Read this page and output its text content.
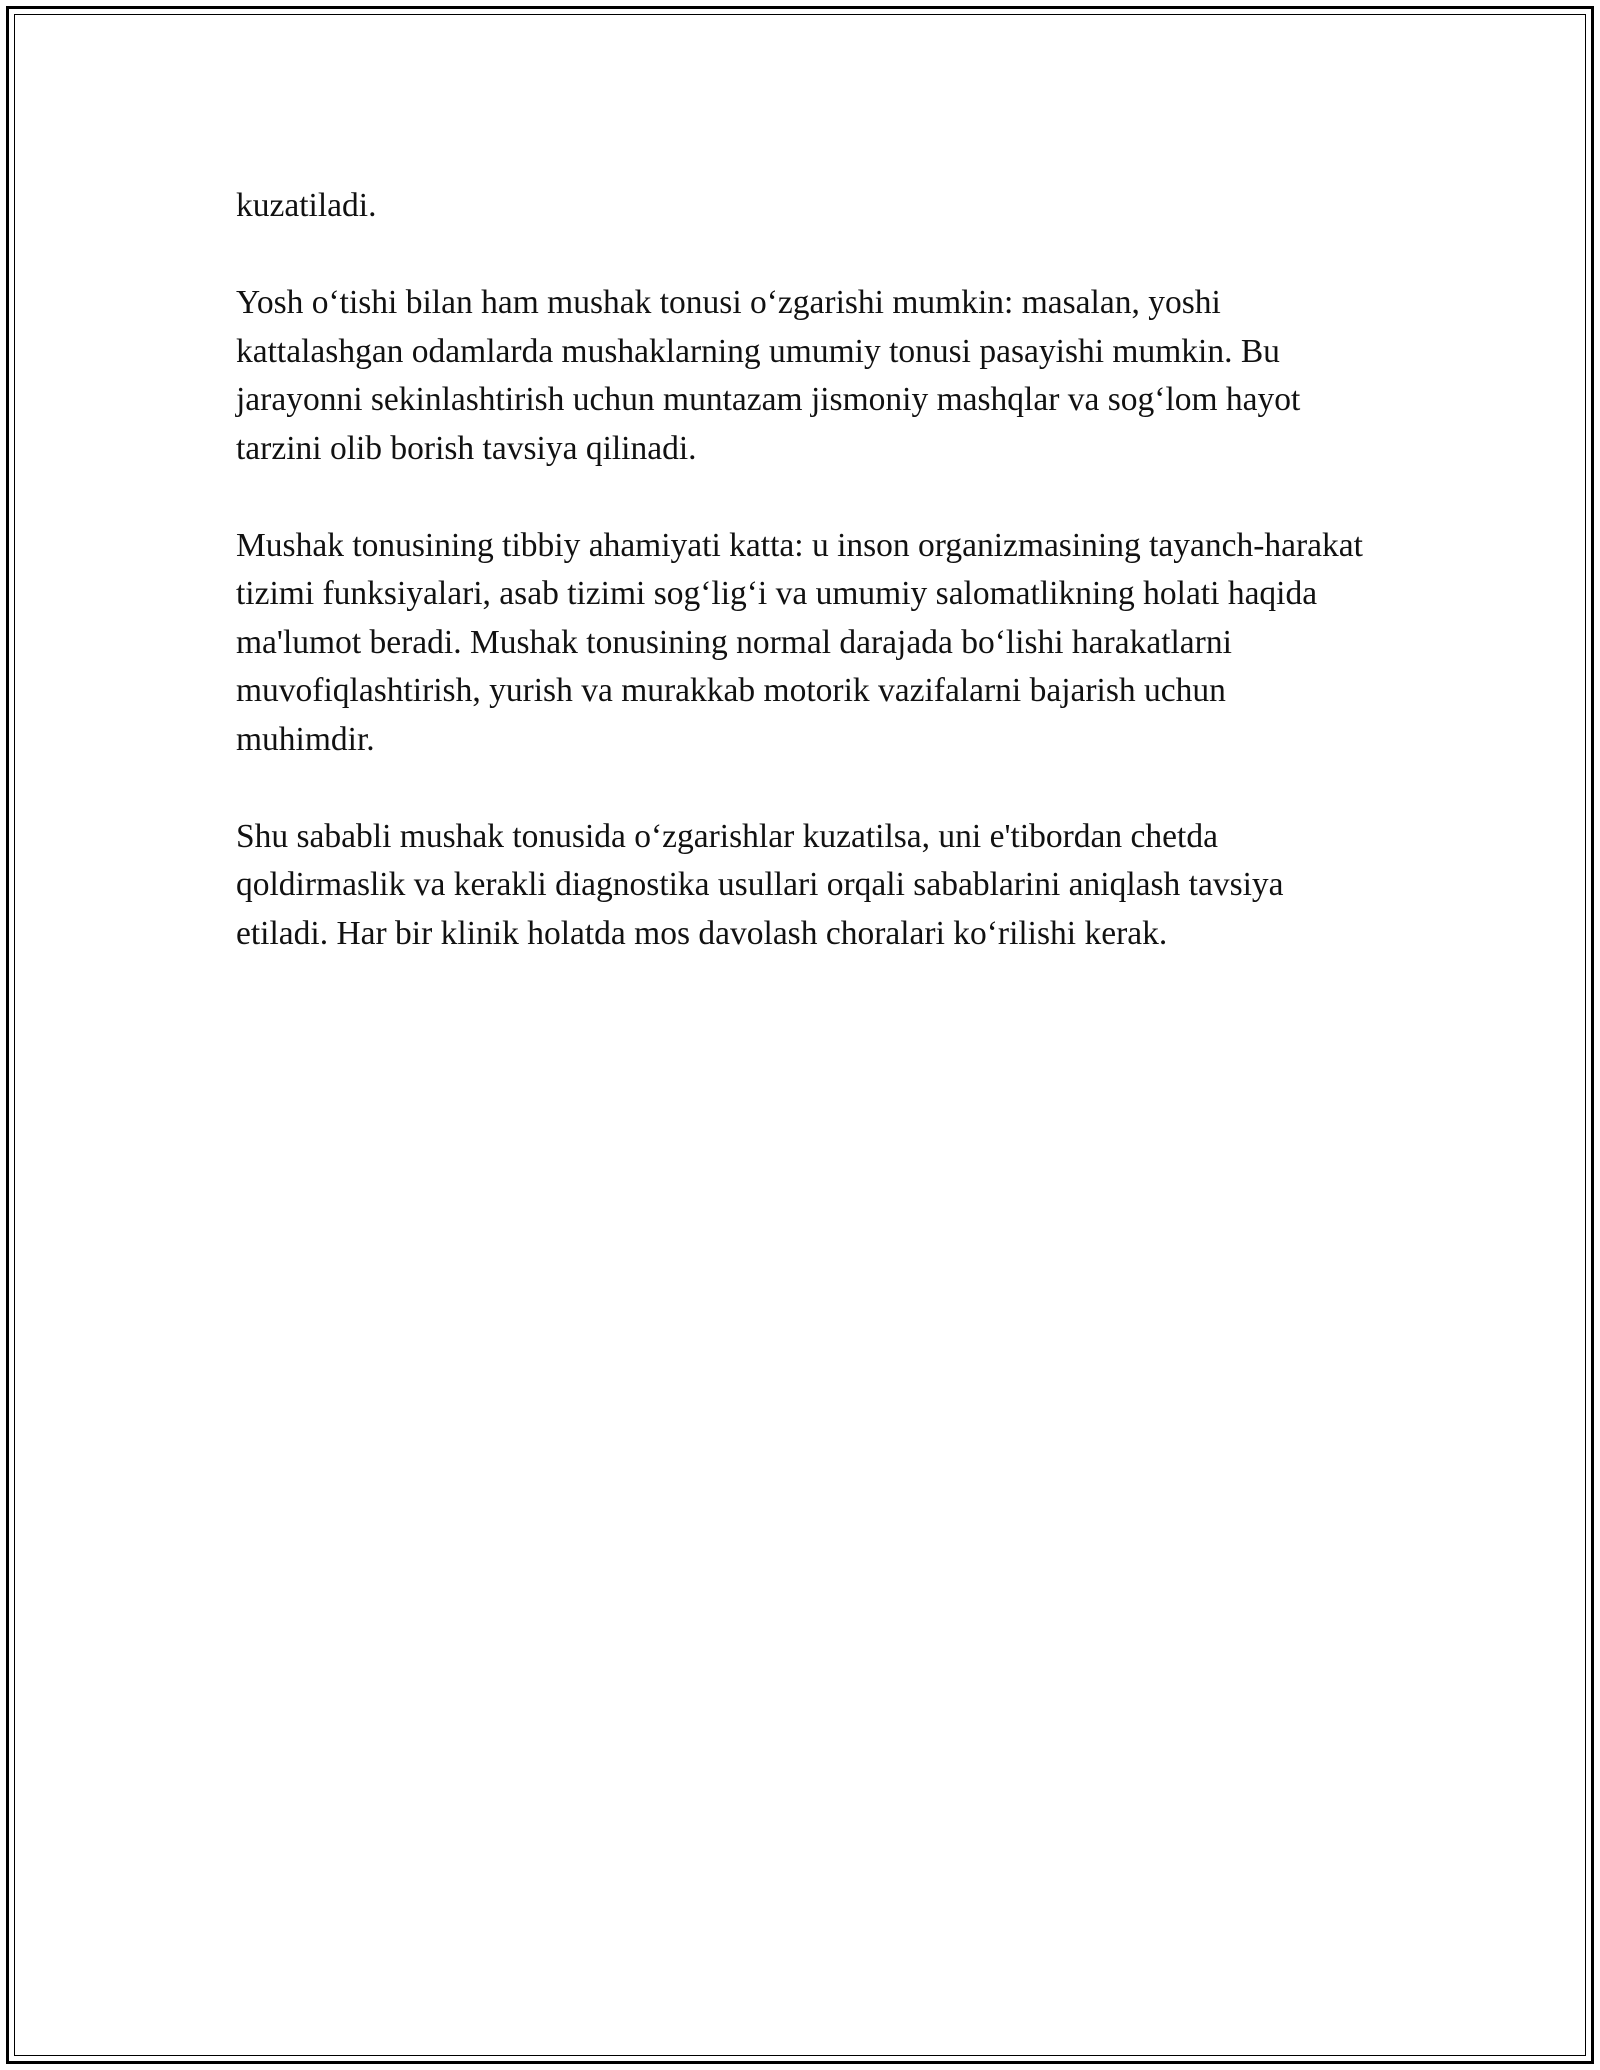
kuzatiladi.

Yosh o‘tishi bilan ham mushak tonusi o‘zgarishi mumkin: masalan, yoshi kattalashgan odamlarda mushaklarning umumiy tonusi pasayishi mumkin. Bu jarayonni sekinlashtirish uchun muntazam jismoniy mashqlar va sog‘lom hayot tarzini olib borish tavsiya qilinadi.

Mushak tonusining tibbiy ahamiyati katta: u inson organizmasining tayanch-harakat tizimi funksiyalari, asab tizimi sog‘lig‘i va umumiy salomatlikning holati haqida ma'lumot beradi. Mushak tonusining normal darajada bo‘lishi harakatlarni muvofiqlashtirish, yurish va murakkab motorik vazifalarni bajarish uchun muhimdir.

Shu sababli mushak tonusida o‘zgarishlar kuzatilsa, uni e'tibordan chetda qoldirmaslik va kerakli diagnostika usullari orqali sabablarini aniqlash tavsiya etiladi. Har bir klinik holatda mos davolash choralari ko‘rilishi kerak.
